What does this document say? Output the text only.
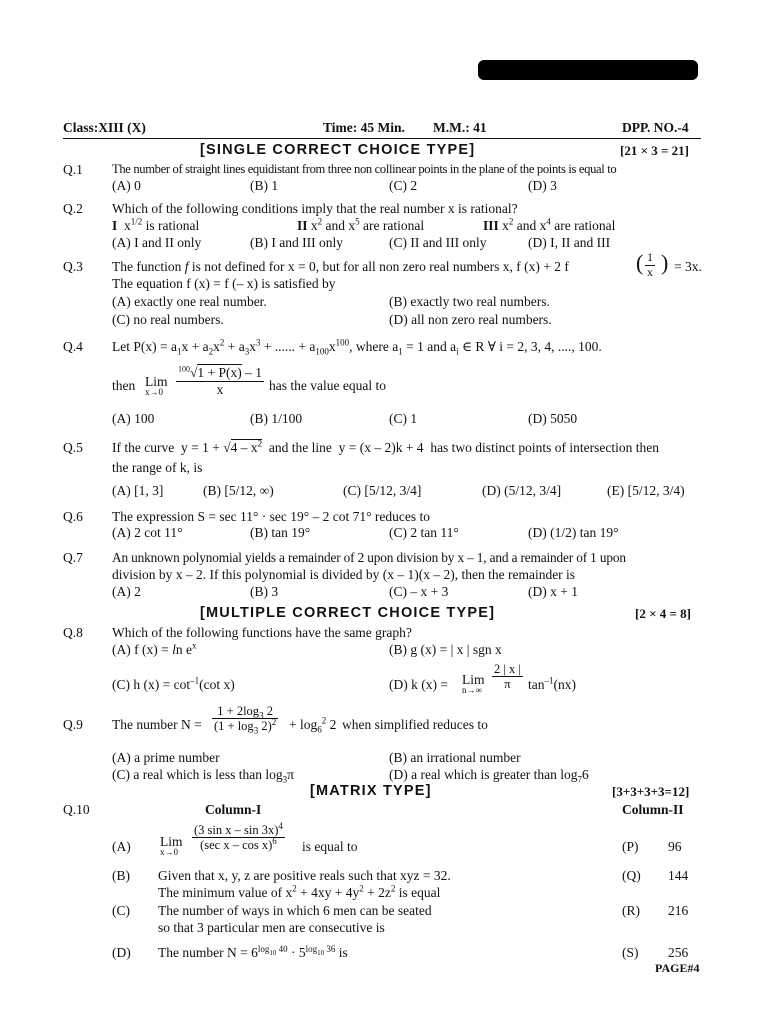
Class:XIII (X)	Time: 45 Min. M.M.: 41	DPP. NO.-4
[SINGLE CORRECT CHOICE TYPE]	[21 × 3 = 21]
Q.1 The number of straight lines equidistant from three non collinear points in the plane of the points is equal to
(A) 0	(B) 1	(C) 2	(D) 3
Q.2 Which of the following conditions imply that the real number x is rational?
I  $x^{1/2}$ is rational	II $x^2$ and $x^5$ are rational	III $x^2$ and $x^4$ are rational
(A) I and II only	(B) I and III only	(C) II and III only	(D) I, II and III
Q.3 The function f is not defined for x = 0, but for all non zero real numbers x, f (x) + 2 f	( $\frac{1}{x}$ ) = 3x.
The equation f (x) = f (– x) is satisfied by
(A) exactly one real number.	(B) exactly two real numbers.
(C) no real numbers.	(D) all non zero real numbers.
Q.4 Let $P(x) = a_1x + a_2x^2 + a_3x^3$ + ...... + $a_{100}x^{100}$, where $a_1 = 1$ and $a_i$ ∈ R ∀ i = 2, 3, 4, ...., 100.
then Lim
x→0	$\frac{^{100}√1 + P(x) - 1}{x}$ has the value equal to
(A) 100	(B) 1/100	(C) 1	(D) 5050
Q.5 If the curve  $y = 1 + √4 - x^2$ and the line  y = (x – 2)k + 4  has two distinct points of intersection then
the range of k, is
(A) [1, 3]	(B) [5/12, ∞)	(C) [5/12, 3/4]	(D) (5/12, 3/4]	(E) [5/12, 3/4)
Q.6 The expression S = sec 11° · sec 19° – 2 cot 71° reduces to
(A) 2 cot 11°	(B) tan 19°	(C) 2 tan 11°	(D) (1/2) tan 19°
Q.7 An unknown polynomial yields a remainder of 2 upon division by x – 1, and a remainder of 1 upon
division by x – 2. If this polynomial is divided by (x – 1)(x – 2), then the remainder is
(A) 2	(B) 3	(C) – x + 3	(D) x + 1
[MULTIPLE CORRECT CHOICE TYPE]	[2 × 4 = 8]
Q.8 Which of the following functions have the same graph?
(A) f $(x) = \ln e^x$	(B) g (x) = | x | sgn x
(C) h $(x) = \cot^{-1}(\cot$ x)	(D) k (x) = Lim
$n\to\infty \frac{2 | x |}{\pi} \tan^{-1}(nx)$
Q.9 The number $N = \frac{1 + 2\log_3 2}{(1 + \log_3 2)^2} + \log_6^2 2$ when simplified reduces to
(A) a prime number	(B) an irrational number
(C) a real which is less than $\log_3\pi$	(D) a real which is greater than $\log_76$
[MATRIX TYPE]	[3+3+3+3=12]
Q.10	Column-I	Column-II
(A) Lim
x→0	$\frac{(3 \sin x - \sin 3x)^4}{(\sec x - \cos x)^6}$ is equal to	(P) 96
(B) Given that x, y, z are positive reals such that xyz = 32.
The minimum value of $x^2 + 4xy + 4y^2 + 2z^2$ is equal
(Q) 144
(C) The number of ways in which 6 men can be seated
so that 3 particular men are consecutive is
(R) 216
(D) The number $N = 6^{log_{10} 40} \cdot 5^{log_{10} 36}$ is	(S) 256
PAGE#4
